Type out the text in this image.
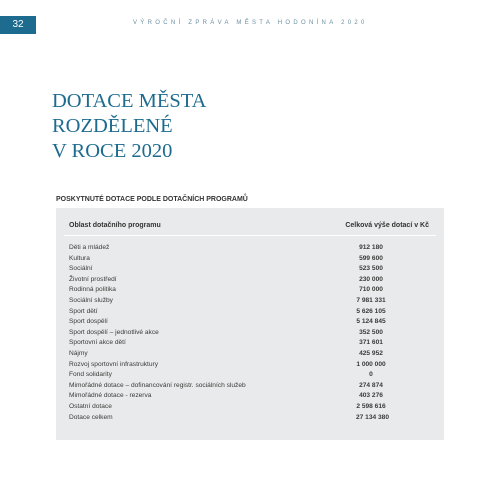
32	VÝROČNÍ ZPRÁVA MĚSTA HODONÍNA 2020
DOTACE MĚSTA
ROZDĚLENÉ
V ROCE 2020
POSKYTNUTÉ DOTACE PODLE DOTAČNÍCH PROGRAMŮ
Oblast dotačního programu	Celková výše dotací v Kč
Děti a mládež	912 180
Kultura	599 600
Sociální	523 500
Životní prostředí	230 000
Rodinná politika	710 000
Sociální služby	7 981 331
Sport dětí	5 626 105
Sport dospělí	5 124 845
Sport dospělí – jednotlivé akce	352 500
Sportovní akce dětí	371 601
Nájmy	425 952
Rozvoj sportovní infrastruktury	1 000 000
Fond solidarity	0
Mimořádné dotace – dofinancování registr. sociálních služeb	274 874
Mimořádné dotace - rezerva	403 276
Ostatní dotace	2 598 616
Dotace celkem	27 134 380
